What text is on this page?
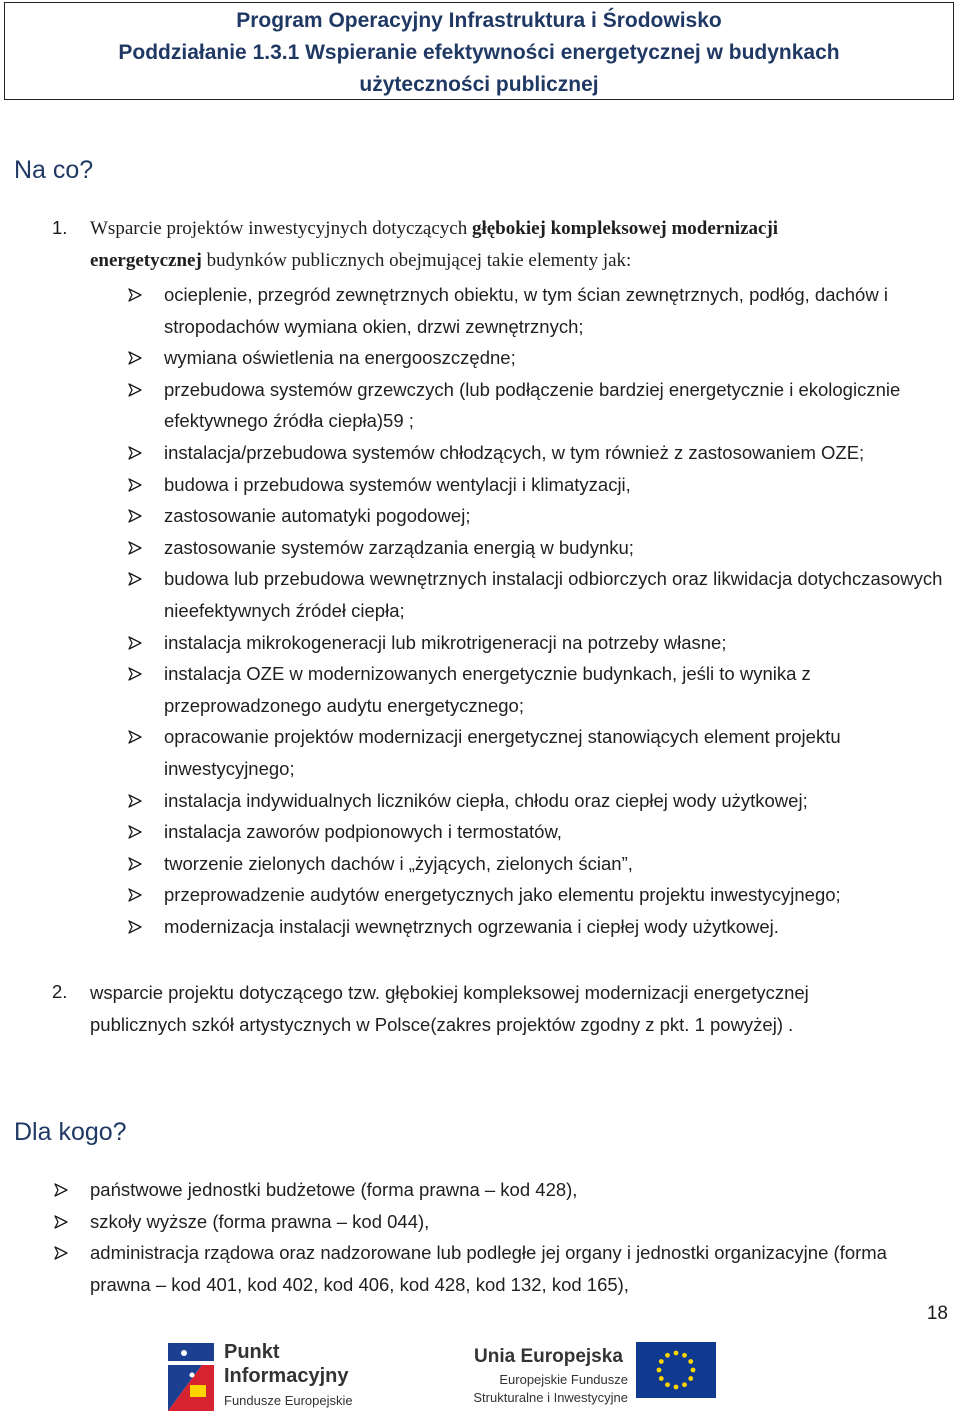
Program Operacyjny Infrastruktura i Środowisko
Poddziałanie 1.3.1 Wspieranie efektywności energetycznej w budynkach
użyteczności publicznej
Na co?
1.	Wsparcie projektów inwestycyjnych dotyczących głębokiej kompleksowej modernizacji
energetycznej budynków publicznych obejmującej takie elementy jak:
ocieplenie, przegród zewnętrznych obiektu, w tym ścian zewnętrznych, podłóg, dachów i stropodachów wymiana okien, drzwi zewnętrznych;
wymiana oświetlenia na energooszczędne;
przebudowa systemów grzewczych (lub podłączenie bardziej energetycznie i ekologicznie efektywnego źródła ciepła)59 ;
instalacja/przebudowa systemów chłodzących, w tym również z zastosowaniem OZE;
budowa i przebudowa systemów wentylacji i klimatyzacji,
zastosowanie automatyki pogodowej;
zastosowanie systemów zarządzania energią w budynku;
budowa lub przebudowa wewnętrznych instalacji odbiorczych oraz likwidacja dotychczasowych nieefektywnych źródeł ciepła;
instalacja mikrokogeneracji lub mikrotrigeneracji na potrzeby własne;
instalacja OZE w modernizowanych energetycznie budynkach, jeśli to wynika z przeprowadzonego audytu energetycznego;
opracowanie projektów modernizacji energetycznej stanowiących element projektu inwestycyjnego;
instalacja indywidualnych liczników ciepła, chłodu oraz ciepłej wody użytkowej;
instalacja zaworów podpionowych i termostatów,
tworzenie zielonych dachów i „żyjących, zielonych ścian”,
przeprowadzenie audytów energetycznych jako elementu projektu inwestycyjnego;
modernizacja instalacji wewnętrznych ogrzewania i ciepłej wody użytkowej.
2.	wsparcie projektu dotyczącego tzw. głębokiej kompleksowej modernizacji energetycznej
publicznych szkół artystycznych w Polsce(zakres projektów zgodny z pkt. 1 powyżej) .
Dla kogo?
państwowe jednostki budżetowe (forma prawna – kod 428),
szkoły wyższe (forma prawna – kod 044),
administracja rządowa oraz nadzorowane lub podległe jej organy i jednostki organizacyjne (forma prawna – kod 401, kod 402, kod 406, kod 428, kod 132, kod 165),
18
Punkt
Informacyjny
Fundusze Europejskie
Unia Europejska
Europejskie Fundusze
Strukturalne i Inwestycyjne
